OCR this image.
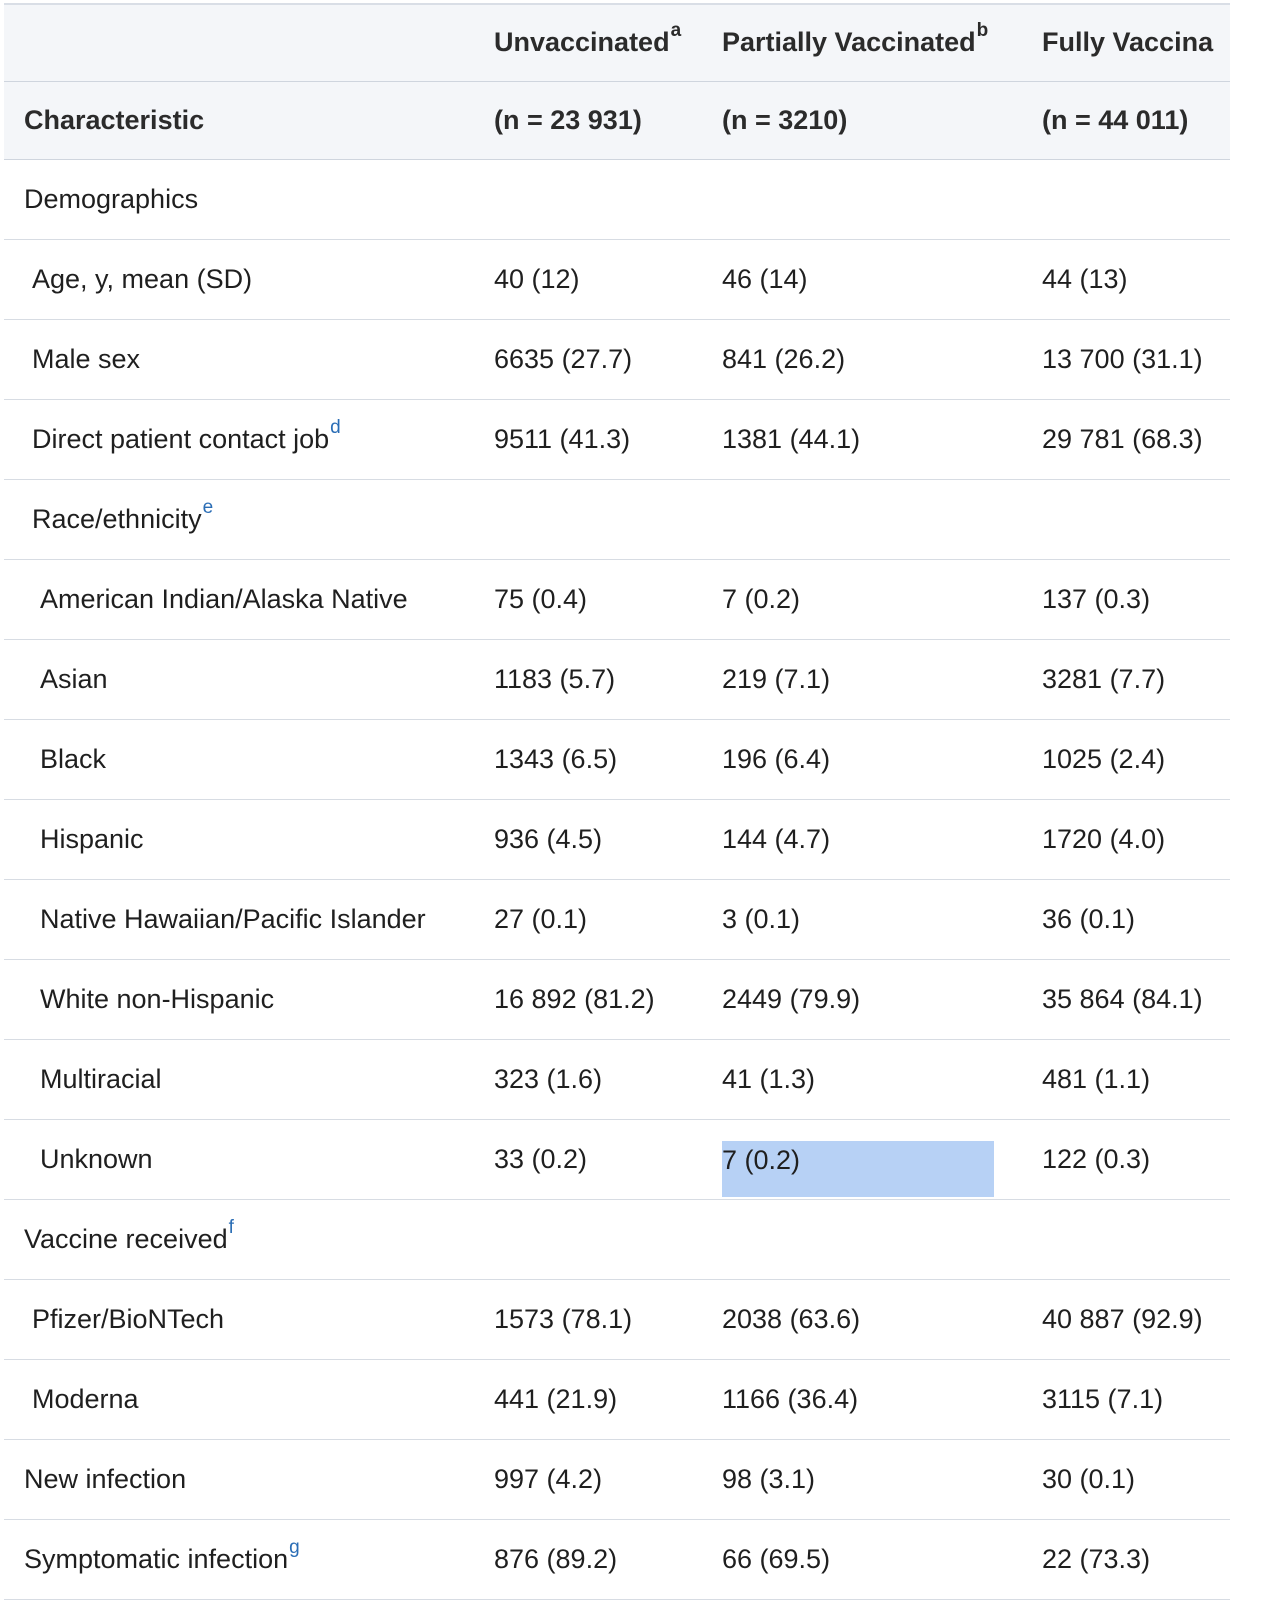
	Unvaccinated$^a$	Partially Vaccinated$^b$	Fully Vaccina
Characteristic	(n = 23 931)	(n = 3210)	(n = 44 011)
Demographics			
Age, y, mean (SD)	40 (12)	46 (14)	44 (13)
Male sex	6635 (27.7)	841 (26.2)	13 700 (31.1)
Direct patient contact job$^d$	9511 (41.3)	1381 (44.1)	29 781 (68.3)
Race/ethnicity$^e$			
American Indian/Alaska Native	75 (0.4)	7 (0.2)	137 (0.3)
Asian	1183 (5.7)	219 (7.1)	3281 (7.7)
Black	1343 (6.5)	196 (6.4)	1025 (2.4)
Hispanic	936 (4.5)	144 (4.7)	1720 (4.0)
Native Hawaiian/Pacific Islander	27 (0.1)	3 (0.1)	36 (0.1)
White non-Hispanic	16 892 (81.2)	2449 (79.9)	35 864 (84.1)
Multiracial	323 (1.6)	41 (1.3)	481 (1.1)
Unknown	33 (0.2)	7 (0.2)	122 (0.3)
Vaccine received$^f$			
Pfizer/BioNTech	1573 (78.1)	2038 (63.6)	40 887 (92.9)
Moderna	441 (21.9)	1166 (36.4)	3115 (7.1)
New infection	997 (4.2)	98 (3.1)	30 (0.1)
Symptomatic infection$^g$	876 (89.2)	66 (69.5)	22 (73.3)
